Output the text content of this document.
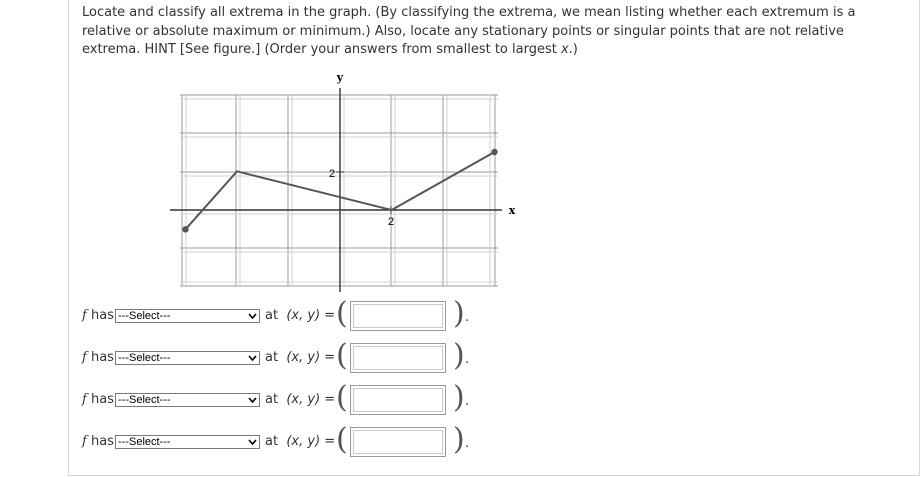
Locate and classify all extrema in the graph. (By classifying the extrema, we mean listing whether each extremum is a relative or absolute maximum or minimum.) Also, locate any stationary points or singular points that are not relative extrema. HINT [See figure.] (Order your answers from smallest to largest x.)

y
x
2
2
f has ---Select---	at (x, y) = (	) .
f has ---Select---	at (x, y) = (	) .
f has ---Select---	at (x, y) = (	) .
f has ---Select---	at (x, y) = (	) .
